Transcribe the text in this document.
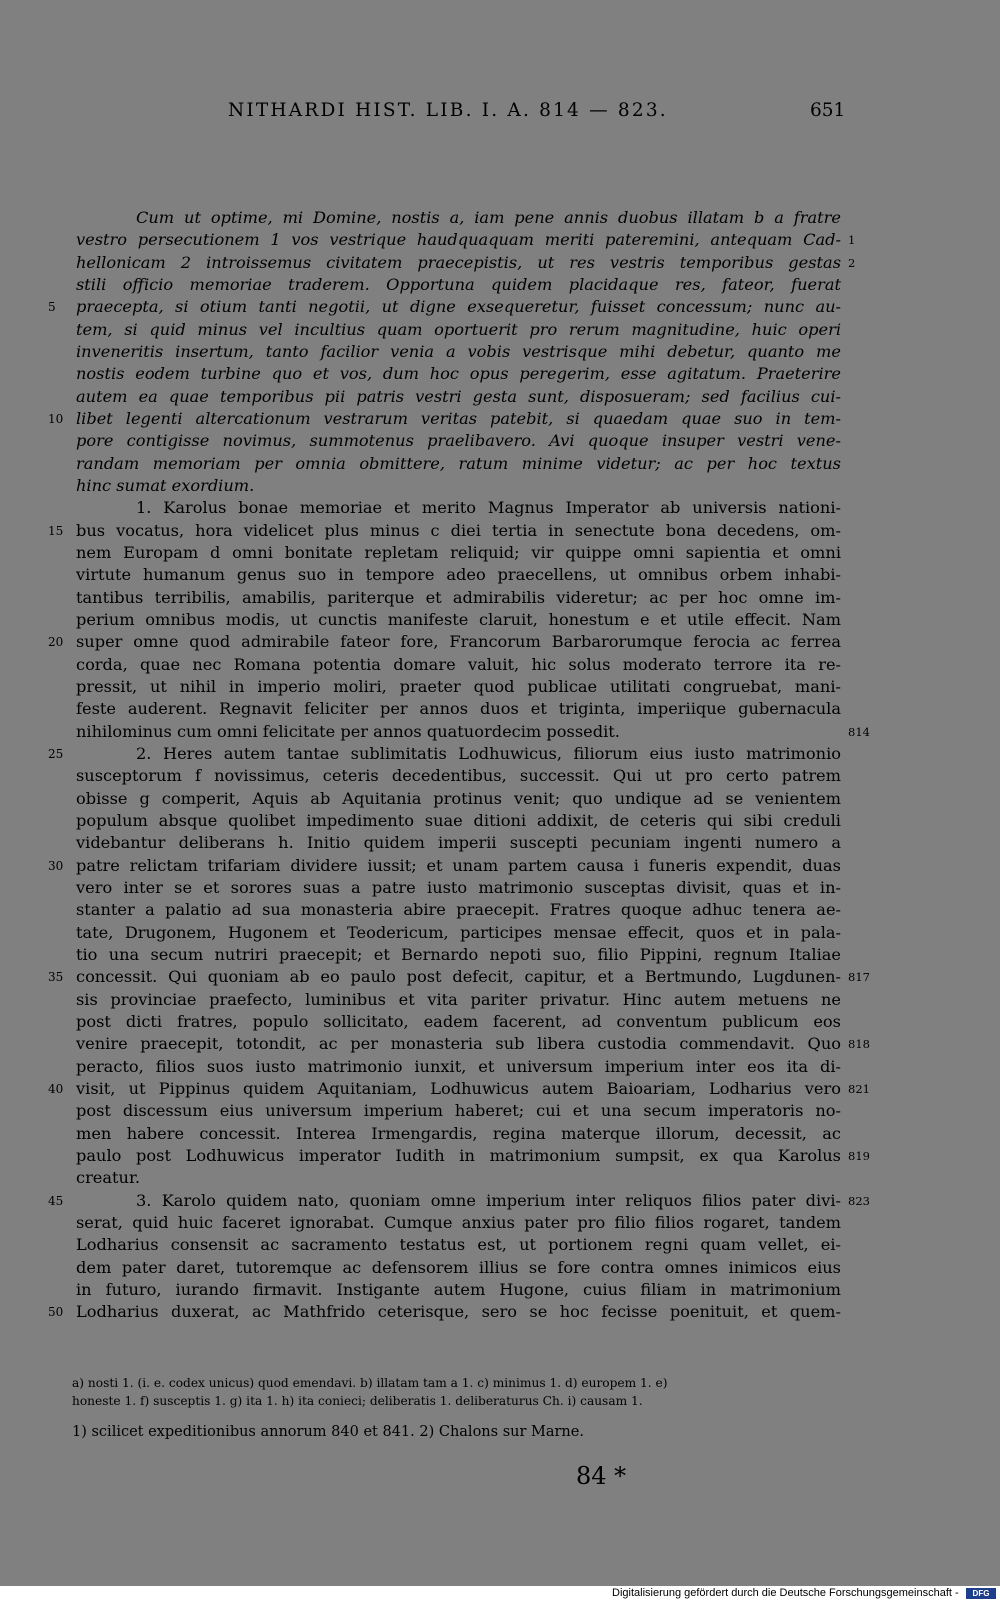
NITHARDI HIST. LIB. I. A. 814 — 823.	651
Cum ut optime, mi Domine, nostis a, iam pene annis duobus illatam b a fratre
vestro persecutionem 1 vos vestrique haudquaquam meriti pateremini, antequam Cad- 1
hellonicam 2 introissemus civitatem praecepistis, ut res vestris temporibus gestas 2
stili officio memoriae traderem. Opportuna quidem placidaque res, fateor, fuerat
praecepta, si otium tanti negotii, ut digne exsequeretur, fuisset concessum; nunc au-
5
tem, si quid minus vel incultius quam oportuerit pro rerum magnitudine, huic operi
inveneritis insertum, tanto facilior venia a vobis vestrisque mihi debetur, quanto me
nostis eodem turbine quo et vos, dum hoc opus peregerim, esse agitatum. Praeterire
autem ea quae temporibus pii patris vestri gesta sunt, disposueram; sed facilius cui-
libet legenti altercationum vestrarum veritas patebit, si quaedam quae suo in tem-
10
pore contigisse novimus, summotenus praelibavero. Avi quoque insuper vestri vene-
randam memoriam per omnia obmittere, ratum minime videtur; ac per hoc textus
hinc sumat exordium.
1. Karolus bonae memoriae et merito Magnus Imperator ab universis nationi-
bus vocatus, hora videlicet plus minus c diei tertia in senectute bona decedens, om-
15
nem Europam d omni bonitate repletam reliquid; vir quippe omni sapientia et omni
virtute humanum genus suo in tempore adeo praecellens, ut omnibus orbem inhabi-
tantibus terribilis, amabilis, pariterque et admirabilis videretur; ac per hoc omne im-
perium omnibus modis, ut cunctis manifeste claruit, honestum e et utile effecit. Nam
super omne quod admirabile fateor fore, Francorum Barbarorumque ferocia ac ferrea
20
corda, quae nec Romana potentia domare valuit, hic solus moderato terrore ita re-
pressit, ut nihil in imperio moliri, praeter quod publicae utilitati congruebat, mani-
feste auderent. Regnavit feliciter per annos duos et triginta, imperiique gubernacula
nihilominus cum omni felicitate per annos quatuordecim possedit.	814
2. Heres autem tantae sublimitatis Lodhuwicus, filiorum eius iusto matrimonio
25
susceptorum f novissimus, ceteris decedentibus, successit. Qui ut pro certo patrem
obisse g comperit, Aquis ab Aquitania protinus venit; quo undique ad se venientem
populum absque quolibet impedimento suae ditioni addixit, de ceteris qui sibi creduli
videbantur deliberans h. Initio quidem imperii suscepti pecuniam ingenti numero a
patre relictam trifariam dividere iussit; et unam partem causa i funeris expendit, duas
30
vero inter se et sorores suas a patre iusto matrimonio susceptas divisit, quas et in-
stanter a palatio ad sua monasteria abire praecepit. Fratres quoque adhuc tenera ae-
tate, Drugonem, Hugonem et Teodericum, participes mensae effecit, quos et in pala-
tio una secum nutriri praecepit; et Bernardo nepoti suo, filio Pippini, regnum Italiae
concessit. Qui quoniam ab eo paulo post defecit, capitur, et a Bertmundo, Lugdunen-
35	817
sis provinciae praefecto, luminibus et vita pariter privatur. Hinc autem metuens ne
post dicti fratres, populo sollicitato, eadem facerent, ad conventum publicum eos
venire praecepit, totondit, ac per monasteria sub libera custodia commendavit. Quo 818
peracto, filios suos iusto matrimonio iunxit, et universum imperium inter eos ita di-
visit, ut Pippinus quidem Aquitaniam, Lodhuwicus autem Baioariam, Lodharius vero
40	821
post discessum eius universum imperium haberet; cui et una secum imperatoris no-
men habere concessit. Interea Irmengardis, regina materque illorum, decessit, ac
paulo post Lodhuwicus imperator Iudith in matrimonium sumpsit, ex qua Karolus 819
creatur.
3. Karolo quidem nato, quoniam omne imperium inter reliquos filios pater divi-
45	823
serat, quid huic faceret ignorabat. Cumque anxius pater pro filio filios rogaret, tandem
Lodharius consensit ac sacramento testatus est, ut portionem regni quam vellet, ei-
dem pater daret, tutoremque ac defensorem illius se fore contra omnes inimicos eius
in futuro, iurando firmavit. Instigante autem Hugone, cuius filiam in matrimonium
Lodharius duxerat, ac Mathfrido ceterisque, sero se hoc fecisse poenituit, et quem-
50
a) nosti 1. (i. e. codex unicus) quod emendavi. b) illatam tam a 1. c) minimus 1. d) europem 1. e)
honeste 1. f) susceptis 1. g) ita 1. h) ita conieci; deliberatis 1. deliberaturus Ch. i) causam 1.
1) scilicet expeditionibus annorum 840 et 841. 2) Chalons sur Marne.
84 *
Digitalisierung gefördert durch die Deutsche Forschungsgemeinschaft -	DFG
